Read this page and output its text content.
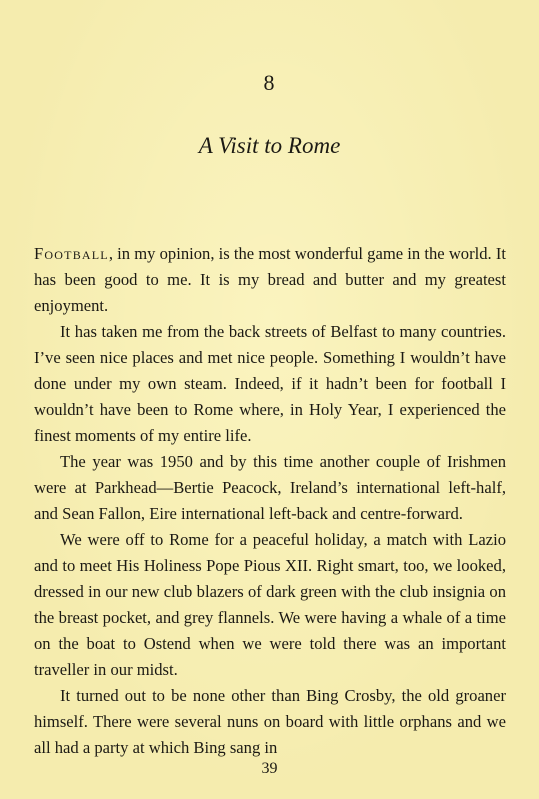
8
A Visit to Rome

Football, in my opinion, is the most wonderful game in the world. It has been good to me. It is my bread and butter and my greatest enjoyment.

It has taken me from the back streets of Belfast to many countries. I’ve seen nice places and met nice people. Something I wouldn’t have done under my own steam. Indeed, if it hadn’t been for football I wouldn’t have been to Rome where, in Holy Year, I experienced the finest moments of my entire life.

The year was 1950 and by this time another couple of Irishmen were at Parkhead—Bertie Peacock, Ireland’s international left-half, and Sean Fallon, Eire international left-back and centre-forward.

We were off to Rome for a peaceful holiday, a match with Lazio and to meet His Holiness Pope Pious XII. Right smart, too, we looked, dressed in our new club blazers of dark green with the club insignia on the breast pocket, and grey flannels. We were having a whale of a time on the boat to Ostend when we were told there was an important traveller in our midst.

It turned out to be none other than Bing Crosby, the old groaner himself. There were several nuns on board with little orphans and we all had a party at which Bing sang in

39
